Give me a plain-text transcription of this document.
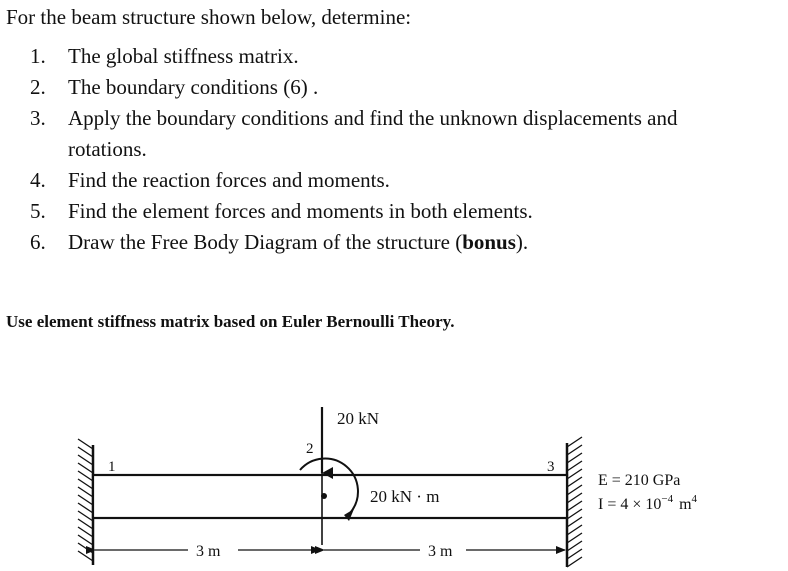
For the beam structure shown below, determine:
1. The global stiffness matrix.
2. The boundary conditions (6) .
3. Apply the boundary conditions and find the unknown displacements and
rotations.
4. Find the reaction forces and moments.
5. Find the element forces and moments in both elements.
6. Draw the Free Body Diagram of the structure (bonus).
Use element stiffness matrix based on Euler Bernoulli Theory.
20 kN
20 kN · m
1
2
3
3 m	3 m
E = 210 GPa
$I = 4 \times 10^{-4}$ $m^4$
